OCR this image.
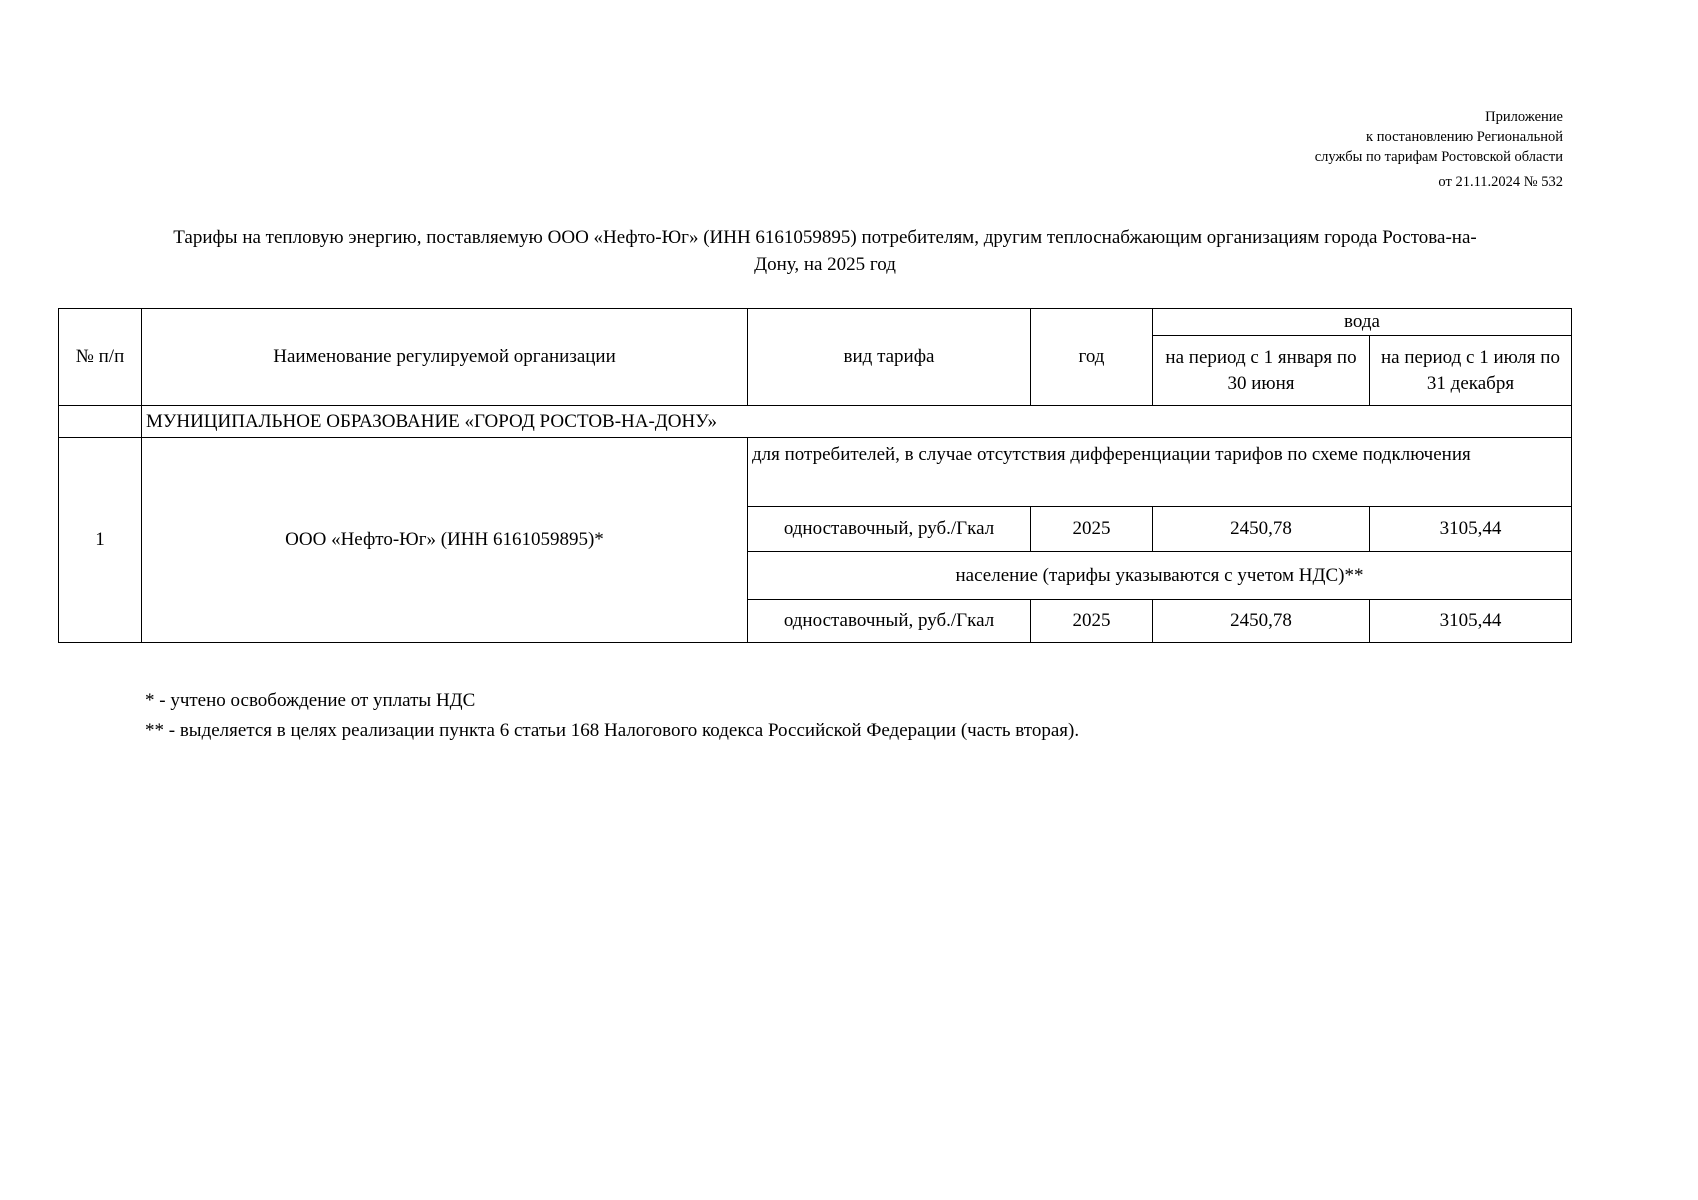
Приложение
к постановлению Региональной
службы по тарифам Ростовской области
от 21.11.2024 № 532
Тарифы на тепловую энергию, поставляемую ООО «Нефто-Юг» (ИНН 6161059895) потребителям, другим теплоснабжающим организациям города Ростова-на-
Дону, на 2025 год
№ п/п	Наименование регулируемой организации	вид тарифа	год	вода	
				на период с 1 января по 30 июня	на период с 1 июля по 31 декабря
	МУНИЦИПАЛЬНОЕ ОБРАЗОВАНИЕ «ГОРОД РОСТОВ-НА-ДОНУ»				
1	ООО «Нефто-Юг» (ИНН 6161059895)*	для потребителей, в случае отсутствия дифференциации тарифов по схеме подключения			
		одноставочный, руб./Гкал	2025	2450,78	3105,44
		население (тарифы указываются с учетом НДС)**			
		одноставочный, руб./Гкал	2025	2450,78	3105,44
* - учтено освобождение от уплаты НДС
** - выделяется в целях реализации пункта 6 статьи 168 Налогового кодекса Российской Федерации (часть вторая).
